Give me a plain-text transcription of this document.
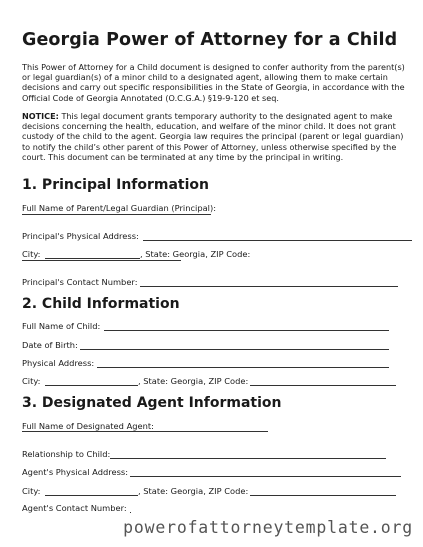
Georgia Power of Attorney for a Child

This Power of Attorney for a Child document is designed to confer authority from the parent(s) or legal guardian(s) of a minor child to a designated agent, allowing them to make certain decisions and carry out specific responsibilities in the State of Georgia, in accordance with the Official Code of Georgia Annotated (O.C.G.A.) §19-9-120 et seq.

NOTICE: This legal document grants temporary authority to the designated agent to make decisions concerning the health, education, and welfare of the minor child. It does not grant custody of the child to the agent. Georgia law requires the principal (parent or legal guardian) to notify the child’s other parent of this Power of Attorney, unless otherwise specified by the court. This document can be terminated at any time by the principal in writing.

1. Principal Information
Full Name of Parent/Legal Guardian (Principal):
Principal's Physical Address:
City:	, State: Georgia, ZIP Code:
Principal's Contact Number:
2. Child Information
Full Name of Child:
Date of Birth:
Physical Address:
City:	, State: Georgia, ZIP Code:
3. Designated Agent Information
Full Name of Designated Agent:
Relationship to Child:
Agent's Physical Address:
City:	, State: Georgia, ZIP Code:
Agent's Contact Number:

powerofattorneytemplate.org
